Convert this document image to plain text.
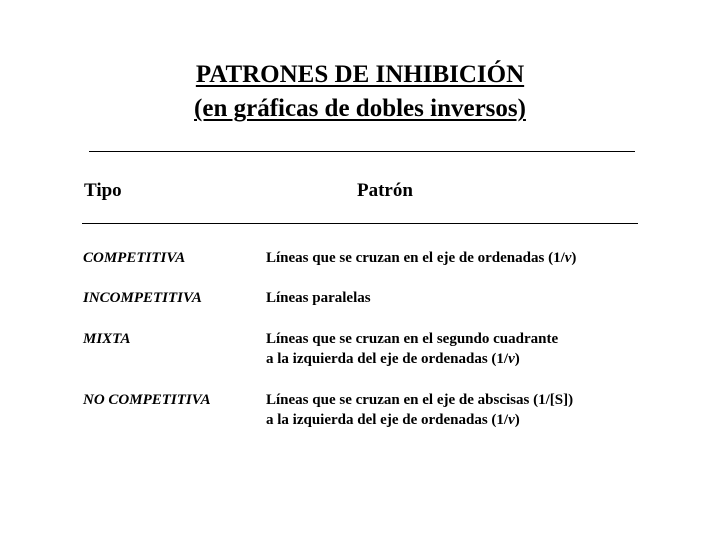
PATRONES DE INHIBICIÓN
(en gráficas de dobles inversos)
Tipo	Patrón
COMPETITIVA	Líneas que se cruzan en el eje de ordenadas (1/v)
INCOMPETITIVA	Líneas paralelas
MIXTA	Líneas que se cruzan en el segundo cuadrante
a la izquierda del eje de ordenadas (1/v)
NO COMPETITIVA	Líneas que se cruzan en el eje de abscisas (1/[S])
a la izquierda del eje de ordenadas (1/v)
